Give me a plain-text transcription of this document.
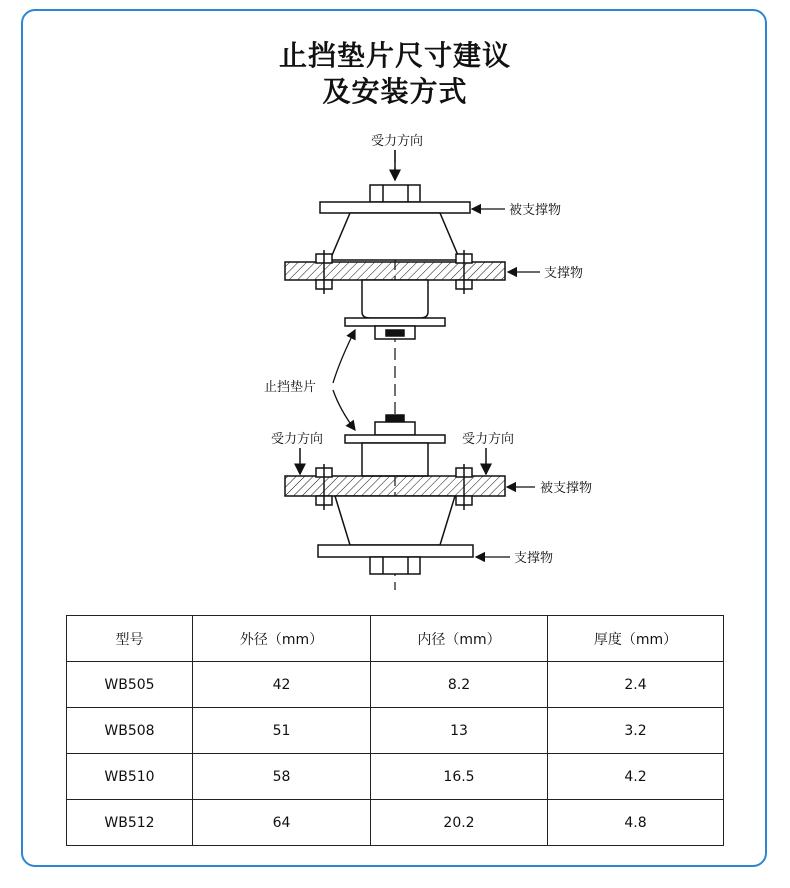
止挡垫片尺寸建议
及安装方式
受力方向
被支撑物
支撑物
止挡垫片
受力方向	受力方向
被支撑物
支撑物
型号	外径（mm）	内径（mm）	厚度（mm）
WB505	42	8.2	2.4
WB508	51	13	3.2
WB510	58	16.5	4.2
WB512	64	20.2	4.8
